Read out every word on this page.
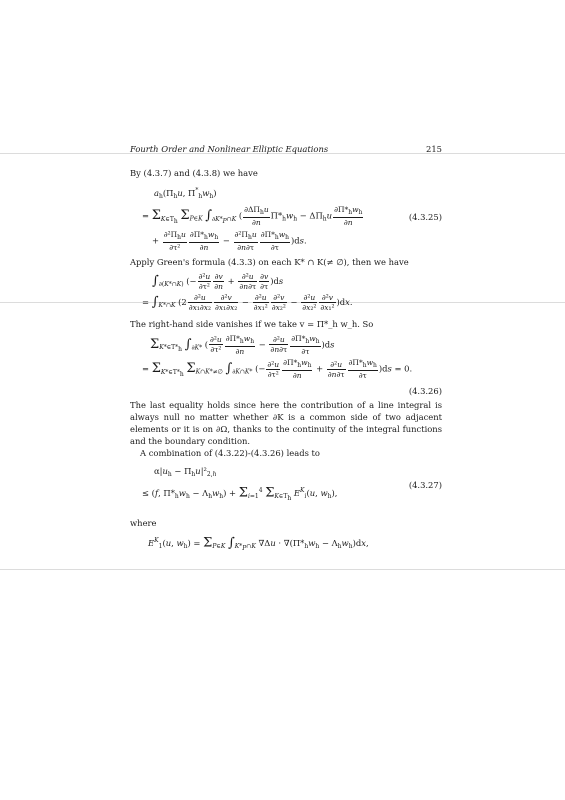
Fourth Order and Nonlinear Elliptic Equations	215

By (4.3.7) and (4.3.8) we have

$a_h(\Pi_hu$, $\Pi^*_hw_h$)
= $\Sigma_{K\in Th}$ $\Sigma_{P\in K}$ $\int_{\partial K*P\cap K}$ ( $\frac{\partial\Delta\Pi_hu}{\partial n} \Pi*_hw_h - \Delta\Pi_hu \frac{\partial\Pi*_hw_h}{\partial n}$
+ $\frac{\partial^2\Pi_hu}{\text{∂τ²}} \frac{\partial\Pi*_hw_h}{\partial n} - \frac{\partial^2\Pi_hu}{\partial n\partial\tau} \frac{\partial\Pi*_hw_h}{\partial\tau} )ds$.
(4.3.25)

Apply Green's formula (4.3.3) on each K* ∩ K(≠ ∅), then we have

$\int_{\partial(K*\cap K)}$ (− $\frac{\text{∂²u}}{\text{∂τ²}} \frac{\partial v}{\partial n} + \frac{\text{∂²u}}{\partial n\partial\tau} \frac{\partial v}{\partial\tau} )ds$
= $\int_{K*\cap K}$ $(2 \frac{\text{∂²u}}{\text{∂x₁∂x₂}} \frac{\text{∂²v}}{\text{∂x₁∂x₂}} - \frac{\text{∂²u}}{\text{∂x₁²}} \frac{\text{∂²v}}{\text{∂x₂²}} - \frac{\text{∂²u}}{\text{∂x₂²}} \frac{\text{∂²v}}{\text{∂x₁²}} )dx$.

The right-hand side vanishes if we take v = Π*_h w_h. So

$\Sigma_{K*\in T*h}$ $\int_{\partial K*}$ ( $\frac{\text{∂²u}}{\text{∂τ²}} \frac{\partial\Pi*_hw_h}{\partial n} - \frac{\text{∂²u}}{\partial n\partial\tau} \frac{\partial\Pi*_hw_h}{\partial\tau} )ds$
= $\Sigma_{K*\in T*h}$ $\Sigma_{K\cap K*\ne\emptyset}$ $\int_{\partial K\cap K*}$ (− $\frac{\text{∂²u}}{\text{∂τ²}} \frac{\partial\Pi*_hw_h}{\partial n} + \frac{\text{∂²u}}{\partial n\partial\tau} \frac{\partial\Pi*_hw_h}{\partial\tau} )ds = 0$.
(4.3.26)

The last equality holds since here the contribution of a line integral is always null no matter whether ∂K is a common side of two adjacent elements or it is on ∂Ω, thanks to the continuity of the integral functions and the boundary condition.

A combination of (4.3.22)-(4.3.26) leads to

$\alpha|u_h - \Pi_hu|^2_{2,h}$
≤ (f, $\Pi*_hw_h - \Lambda_hw_h) + \Sigma_{i=1}^4$ $\Sigma_{K\in Th}$ $E^K_i(u$, $w_h$),
(4.3.27)

where

$E^K_1(u$, $w_h) = \Sigma_{P\in K}$ $\int_{K*P\cap K}$ $\nabla\Delta u \cdot \nabla(\Pi*_hw_h - \Lambda_hw_h)dx$,
